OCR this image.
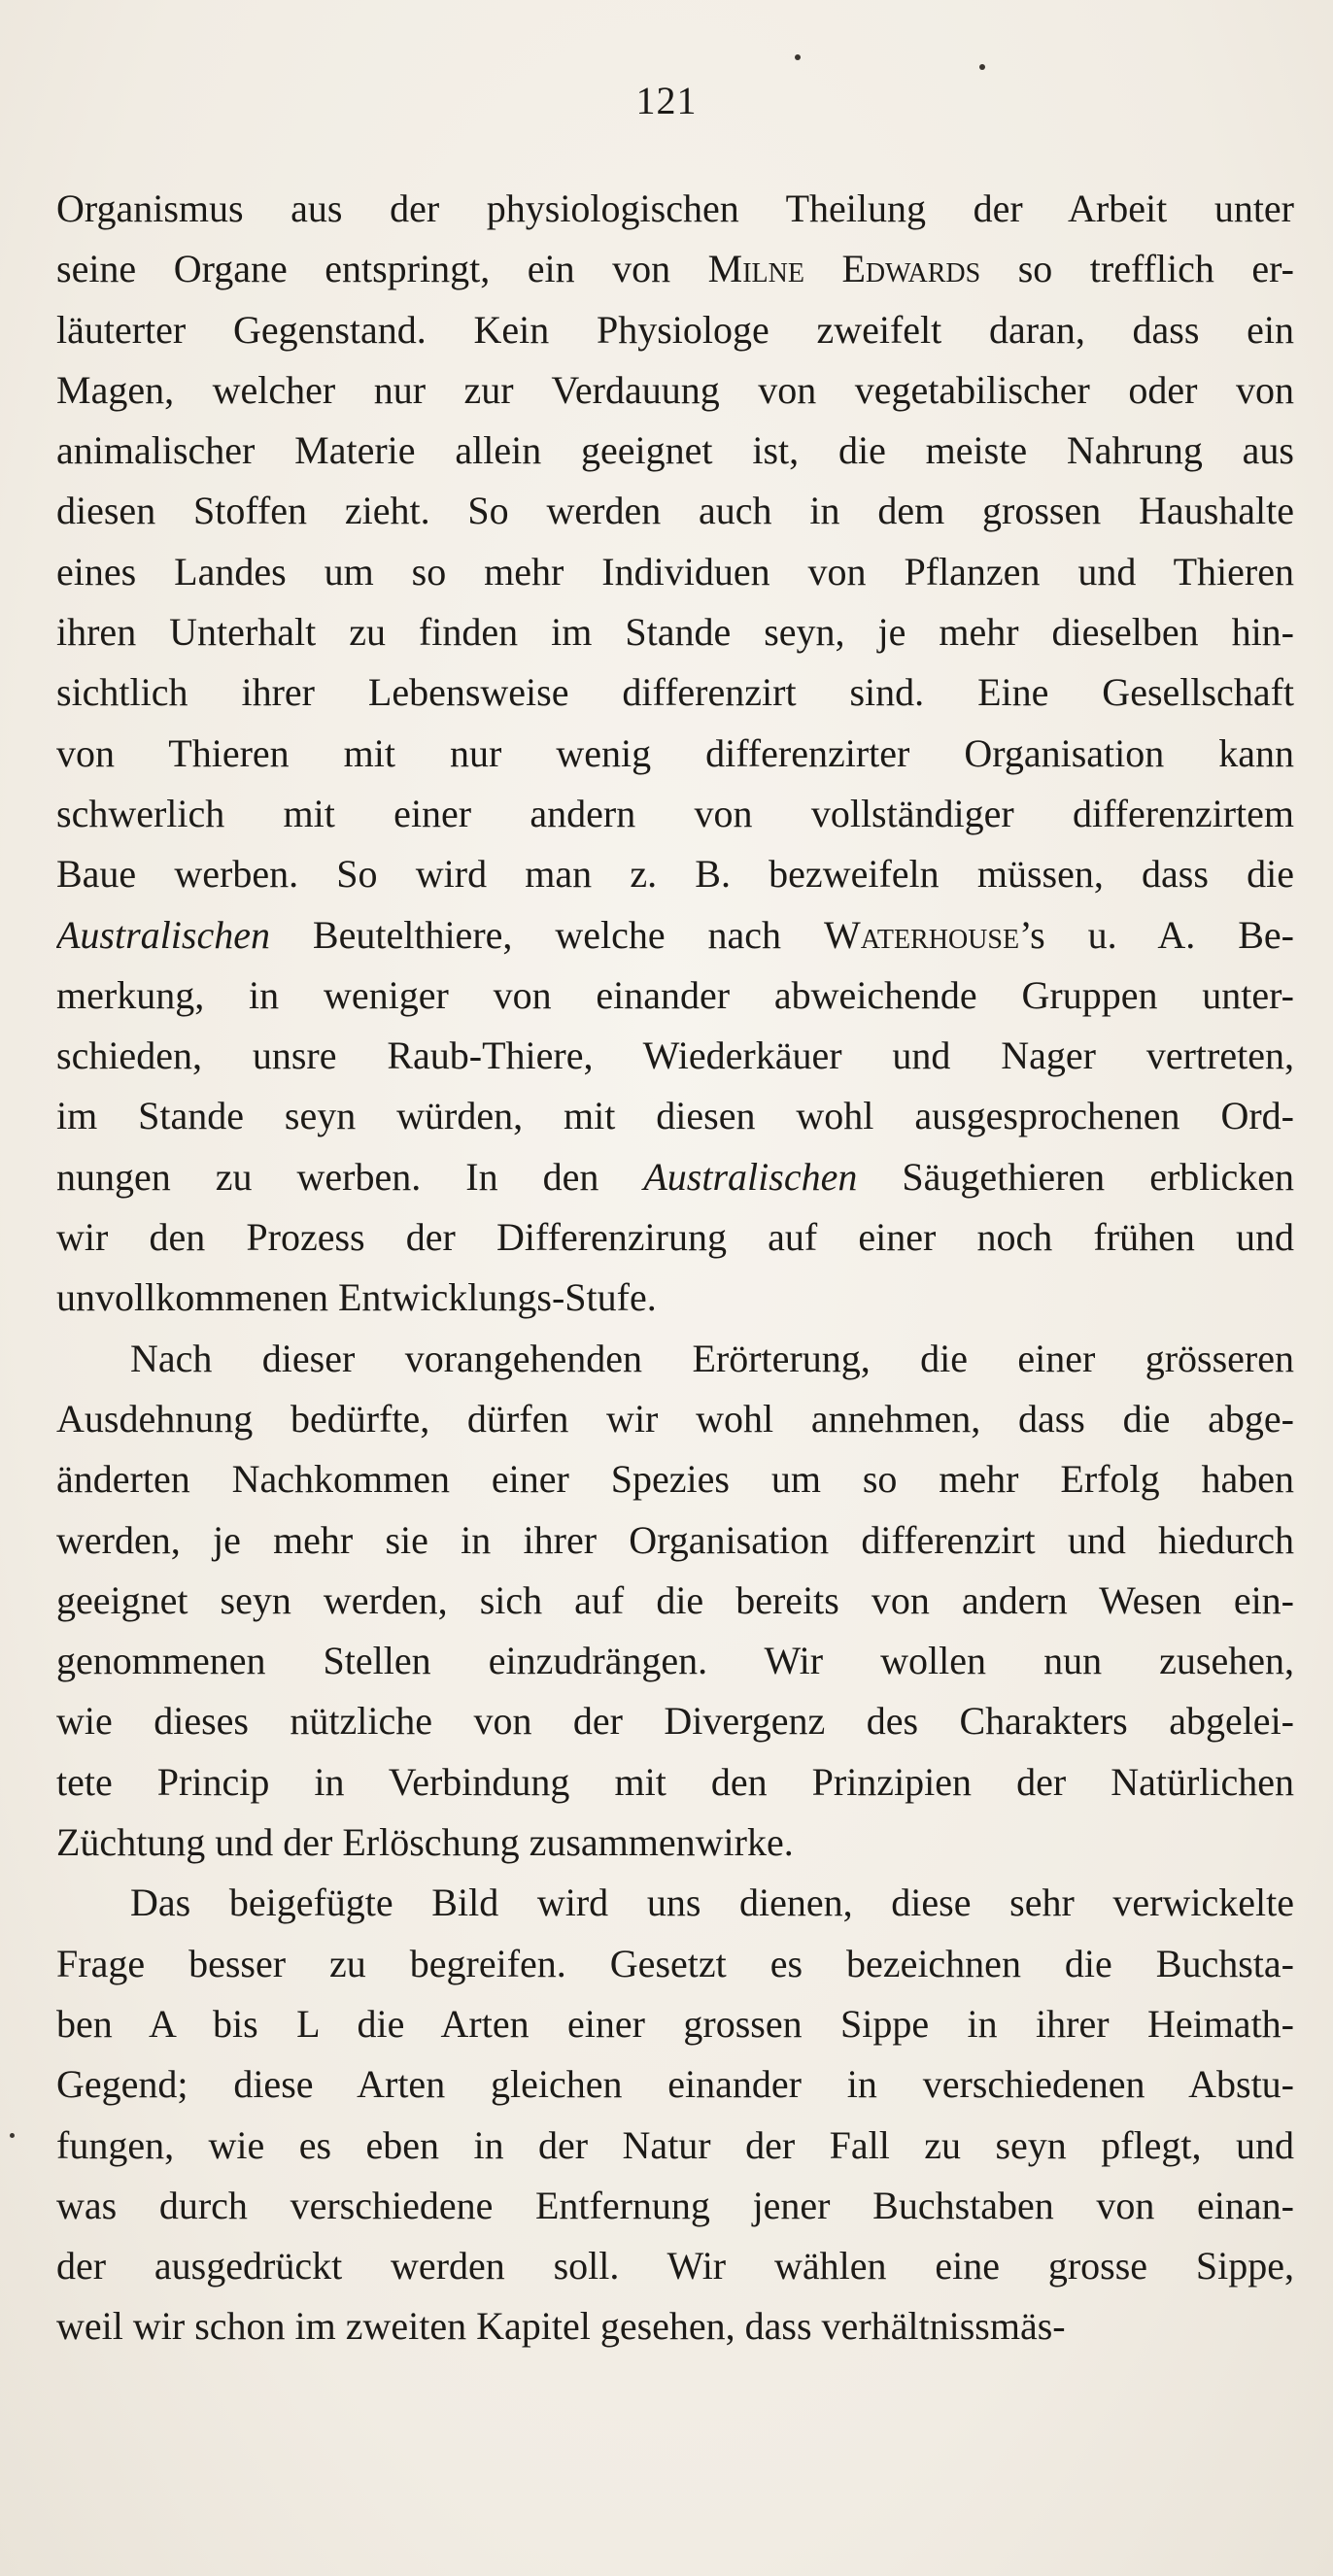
121
Organismus aus der physiologischen Theilung der Arbeit unter
seine Organe entspringt, ein von Milne Edwards so trefflich er-
läuterter Gegenstand. Kein Physiologe zweifelt daran, dass ein
Magen, welcher nur zur Verdauung von vegetabilischer oder von
animalischer Materie allein geeignet ist, die meiste Nahrung aus
diesen Stoffen zieht. So werden auch in dem grossen Haushalte
eines Landes um so mehr Individuen von Pflanzen und Thieren
ihren Unterhalt zu finden im Stande seyn, je mehr dieselben hin-
sichtlich ihrer Lebensweise differenzirt sind. Eine Gesellschaft
von Thieren mit nur wenig differenzirter Organisation kann
schwerlich mit einer andern von vollständiger differenzirtem
Baue werben. So wird man z. B. bezweifeln müssen, dass die
Australischen Beutelthiere, welche nach Waterhouse’s u. A. Be-
merkung, in weniger von einander abweichende Gruppen unter-
schieden, unsre Raub-Thiere, Wiederkäuer und Nager vertreten,
im Stande seyn würden, mit diesen wohl ausgesprochenen Ord-
nungen zu werben. In den Australischen Säugethieren erblicken
wir den Prozess der Differenzirung auf einer noch frühen und
unvollkommenen Entwicklungs-Stufe.
Nach dieser vorangehenden Erörterung, die einer grösseren
Ausdehnung bedürfte, dürfen wir wohl annehmen, dass die abge-
änderten Nachkommen einer Spezies um so mehr Erfolg haben
werden, je mehr sie in ihrer Organisation differenzirt und hiedurch
geeignet seyn werden, sich auf die bereits von andern Wesen ein-
genommenen Stellen einzudrängen. Wir wollen nun zusehen,
wie dieses nützliche von der Divergenz des Charakters abgelei-
tete Princip in Verbindung mit den Prinzipien der Natürlichen
Züchtung und der Erlöschung zusammenwirke.
Das beigefügte Bild wird uns dienen, diese sehr verwickelte
Frage besser zu begreifen. Gesetzt es bezeichnen die Buchsta-
ben A bis L die Arten einer grossen Sippe in ihrer Heimath-
Gegend; diese Arten gleichen einander in verschiedenen Abstu-
fungen, wie es eben in der Natur der Fall zu seyn pflegt, und
was durch verschiedene Entfernung jener Buchstaben von einan-
der ausgedrückt werden soll. Wir wählen eine grosse Sippe,
weil wir schon im zweiten Kapitel gesehen, dass verhältnissmäs-
